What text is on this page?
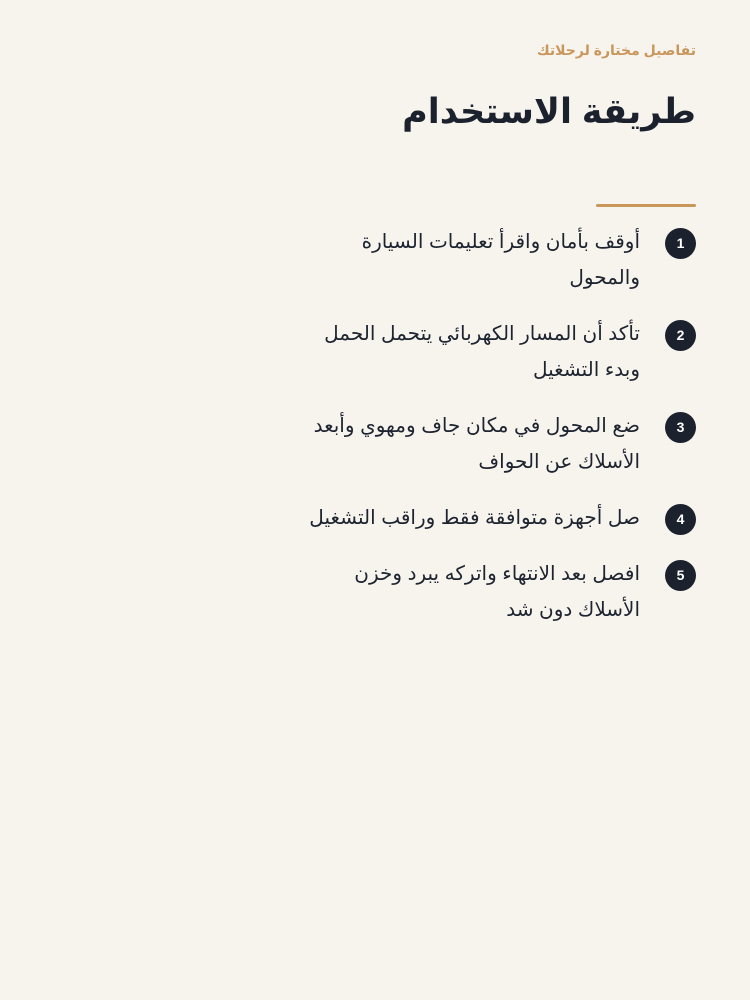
تفاصيل مختارة لرحلاتك
طريقة الاستخدام
1
أوقف بأمان واقرأ تعليمات السيارة والمحول
2
تأكد أن المسار الكهربائي يتحمل الحمل وبدء التشغيل
3
ضع المحول في مكان جاف ومهوي وأبعد الأسلاك عن الحواف
4
صل أجهزة متوافقة فقط وراقب التشغيل
5
افصل بعد الانتهاء واتركه يبرد وخزن الأسلاك دون شد
